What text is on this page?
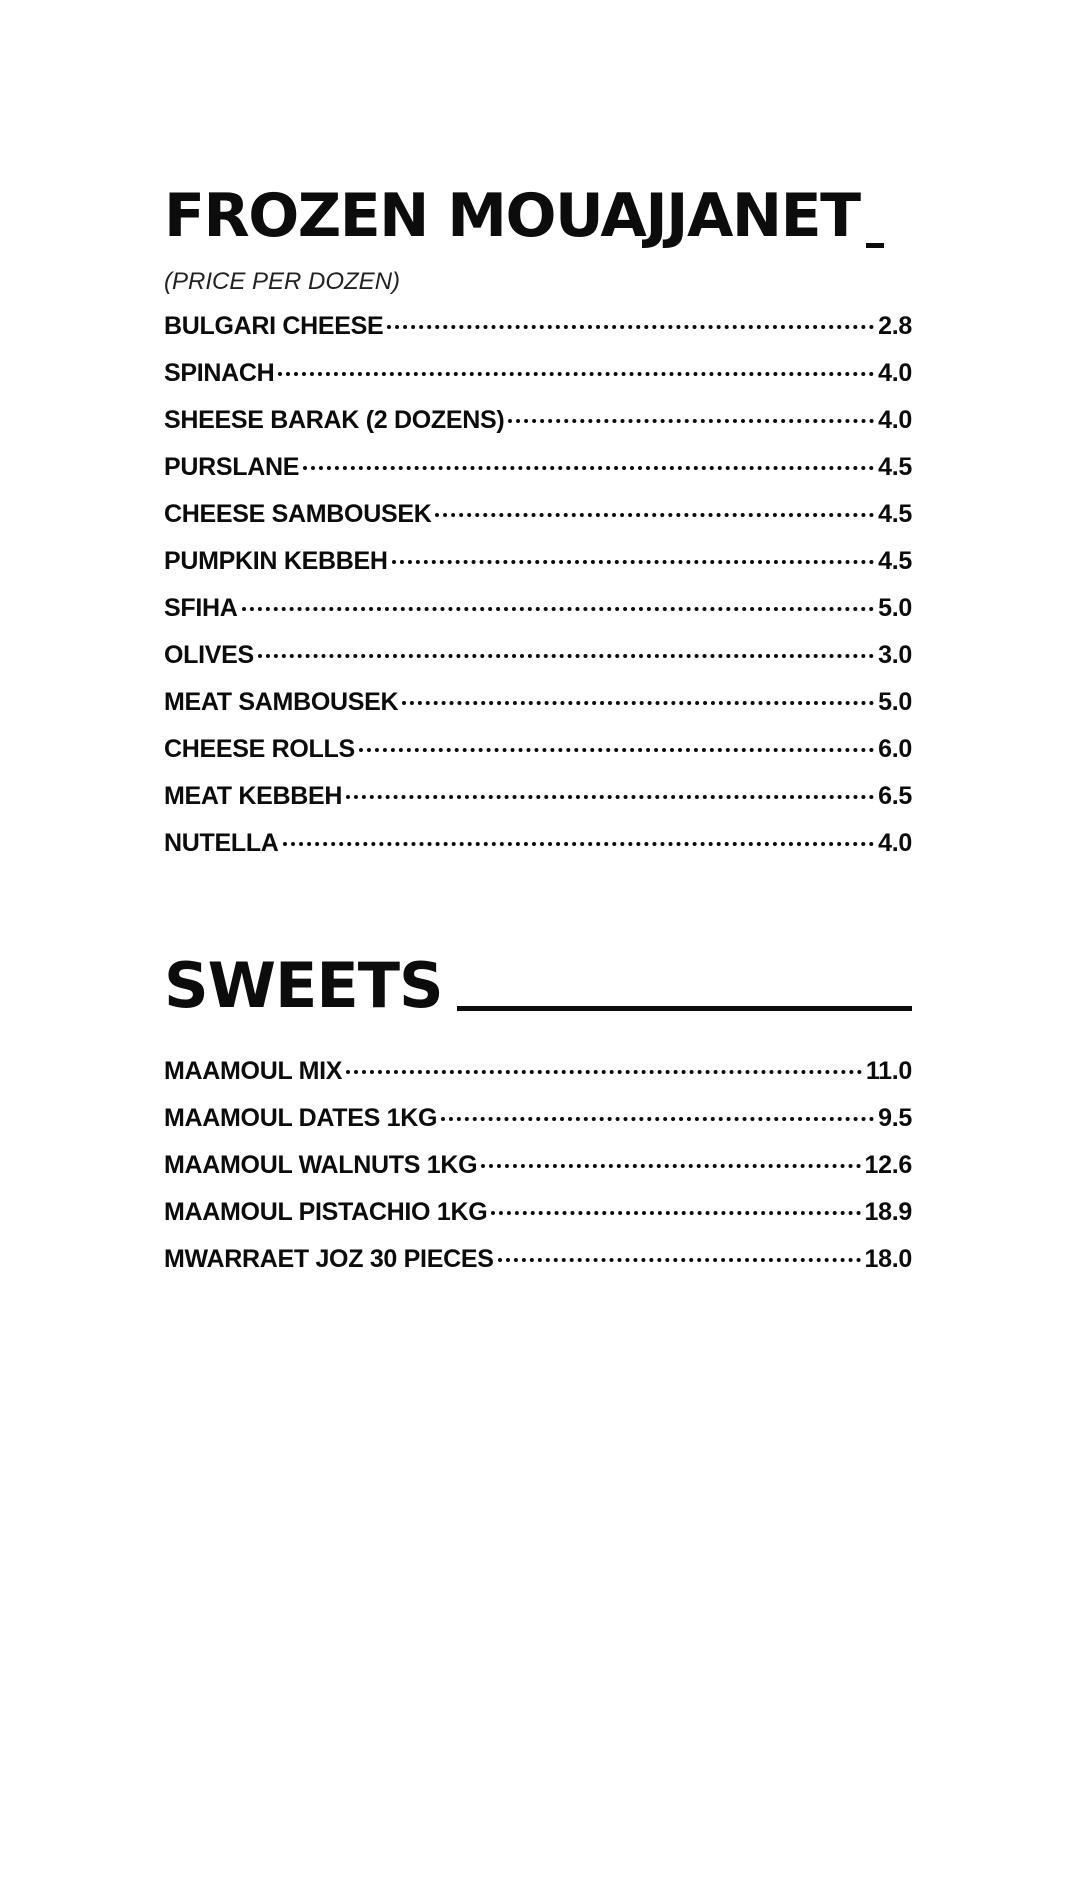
FROZEN MOUAJJANET
(PRICE PER DOZEN)
BULGARI CHEESE	2.8
SPINACH	4.0
SHEESE BARAK (2 DOZENS)	4.0
PURSLANE	4.5
CHEESE SAMBOUSEK	4.5
PUMPKIN KEBBEH	4.5
SFIHA	5.0
OLIVES	3.0
MEAT SAMBOUSEK	5.0
CHEESE ROLLS	6.0
MEAT KEBBEH	6.5
NUTELLA	4.0
SWEETS
MAAMOUL MIX	11.0
MAAMOUL DATES 1KG	9.5
MAAMOUL WALNUTS 1KG	12.6
MAAMOUL PISTACHIO 1KG	18.9
MWARRAET JOZ 30 PIECES	18.0
